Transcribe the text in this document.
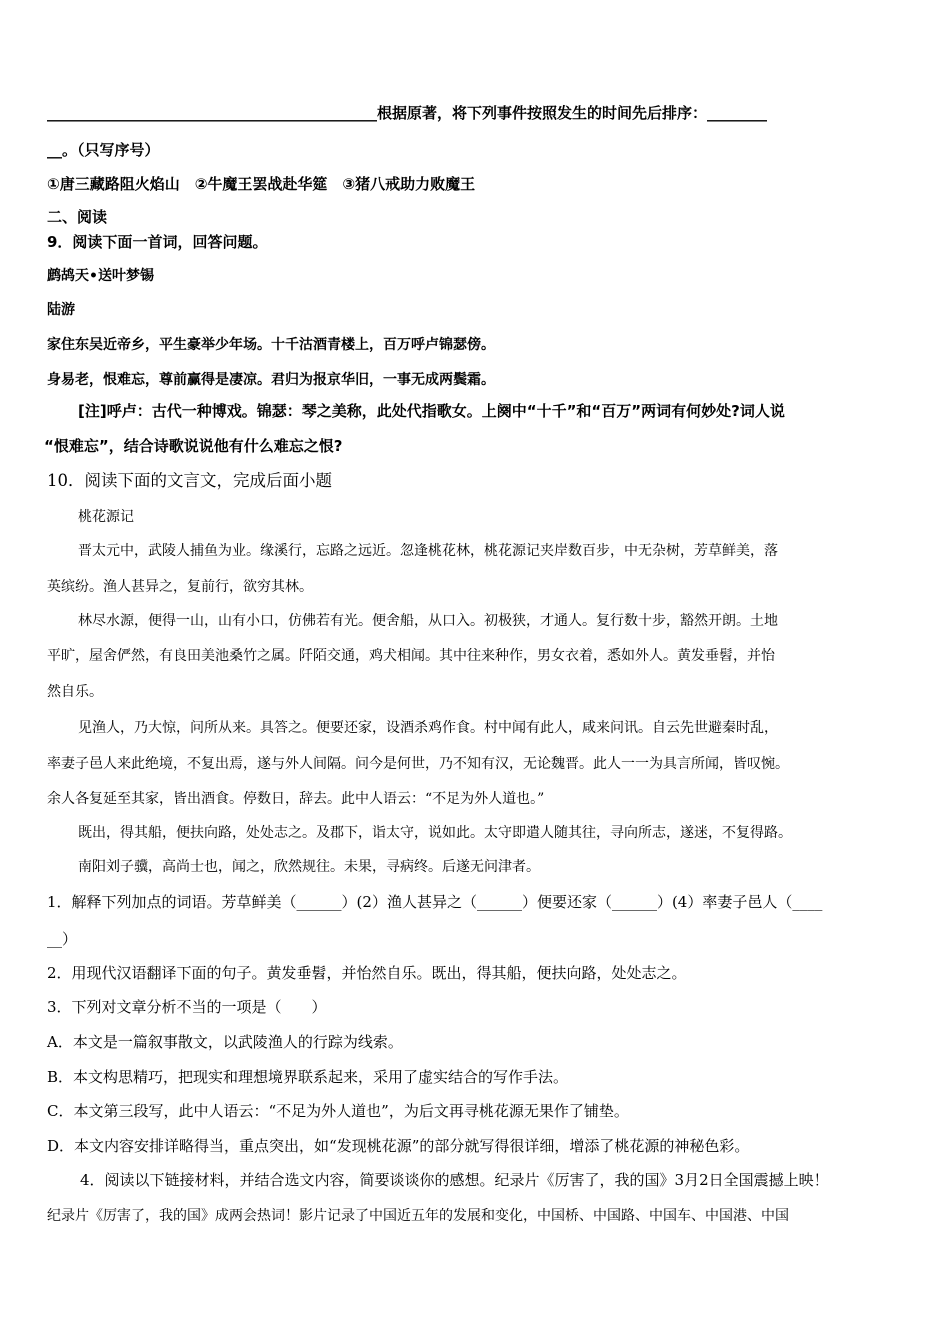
____________________________________________根据原著，将下列事件按照发生的时间先后排序：________
__。（只写序号）
①唐三藏路阻火焰山　②牛魔王罢战赴华筵　③猪八戒助力败魔王
二、阅读
9．阅读下面一首词，回答问题。
鹧鸪天•送叶梦锡
陆游
家住东吴近帝乡，平生豪举少年场。十千沽酒青楼上，百万呼卢锦瑟傍。
身易老，恨难忘，尊前赢得是凄凉。君归为报京华旧，一事无成两鬓霜。
[注]呼卢：古代一种博戏。锦瑟：琴之美称，此处代指歌女。上阕中“十千”和“百万”两词有何妙处?词人说
“恨难忘”，结合诗歌说说他有什么难忘之恨?
10．阅读下面的文言文，完成后面小题
桃花源记
晋太元中，武陵人捕鱼为业。缘溪行，忘路之远近。忽逢桃花林，桃花源记夹岸数百步，中无杂树，芳草鲜美，落
英缤纷。渔人甚异之，复前行，欲穷其林。
林尽水源，便得一山，山有小口，仿佛若有光。便舍船，从口入。初极狭，才通人。复行数十步，豁然开朗。土地
平旷，屋舍俨然，有良田美池桑竹之属。阡陌交通，鸡犬相闻。其中往来种作，男女衣着，悉如外人。黄发垂髫，并怡
然自乐。
见渔人，乃大惊，问所从来。具答之。便要还家，设酒杀鸡作食。村中闻有此人，咸来问讯。自云先世避秦时乱，
率妻子邑人来此绝境，不复出焉，遂与外人间隔。问今是何世，乃不知有汉，无论魏晋。此人一一为具言所闻，皆叹惋。
余人各复延至其家，皆出酒食。停数日，辞去。此中人语云：“不足为外人道也。”
既出，得其船，便扶向路，处处志之。及郡下，诣太守，说如此。太守即遣人随其往，寻向所志，遂迷，不复得路。
南阳刘子骥，高尚士也，闻之，欣然规往。未果，寻病终。后遂无问津者。
1．解释下列加点的词语。芳草鲜美（______）(2）渔人甚异之（______）便要还家（______）(4）率妻子邑人（____
__）
2．用现代汉语翻译下面的句子。黄发垂髫，并怡然自乐。既出，得其船，便扶向路，处处志之。
3．下列对文章分析不当的一项是（　　）
A．本文是一篇叙事散文，以武陵渔人的行踪为线索。
B．本文构思精巧，把现实和理想境界联系起来，采用了虚实结合的写作手法。
C．本文第三段写，此中人语云：“不足为外人道也”，为后文再寻桃花源无果作了铺垫。
D．本文内容安排详略得当，重点突出，如“发现桃花源”的部分就写得很详细，增添了桃花源的神秘色彩。
4．阅读以下链接材料，并结合选文内容，简要谈谈你的感想。纪录片《厉害了，我的国》3月2日全国震撼上映！
纪录片《厉害了，我的国》成两会热词！影片记录了中国近五年的发展和变化，中国桥、中国路、中国车、中国港、中国
